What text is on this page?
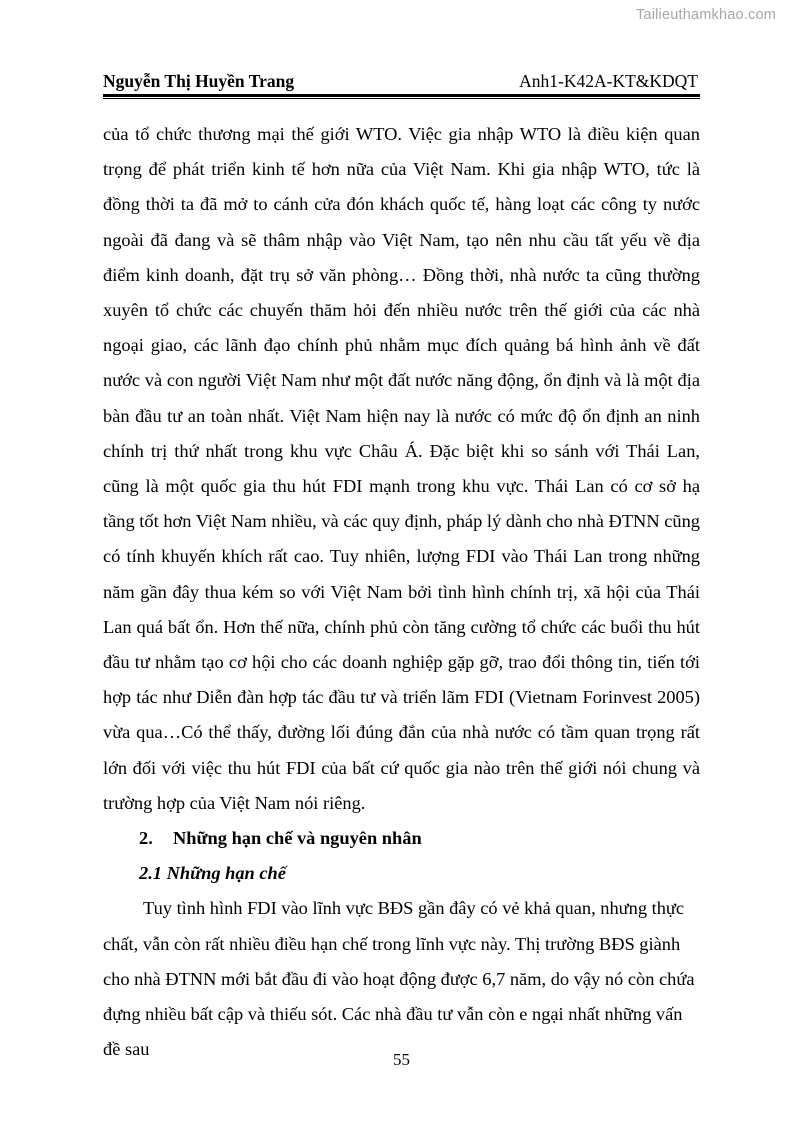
Tailieuthamkhao.com
Nguyễn Thị Huyền Trang	Anh1-K42A-KT&KDQT

của tổ chức thương mại thế giới WTO. Việc gia nhập WTO là điều kiện quan trọng để phát triển kinh tế hơn nữa của Việt Nam. Khi gia nhập WTO, tức là đồng thời ta đã mở to cánh cửa đón khách quốc tế, hàng loạt các công ty nước ngoài đã đang và sẽ thâm nhập vào Việt Nam, tạo nên nhu cầu tất yếu về địa điểm kinh doanh, đặt trụ sở văn phòng… Đồng thời, nhà nước ta cũng thường xuyên tổ chức các chuyến thăm hỏi đến nhiều nước trên thế giới của các nhà ngoại giao, các lãnh đạo chính phủ nhằm mục đích quảng bá hình ảnh về đất nước và con người Việt Nam như một đất nước năng động, ổn định và là một địa bàn đầu tư an toàn nhất. Việt Nam hiện nay là nước có mức độ ổn định an ninh chính trị thứ nhất trong khu vực Châu Á. Đặc biệt khi so sánh với Thái Lan, cũng là một quốc gia thu hút FDI mạnh trong khu vực. Thái Lan có cơ sở hạ tầng tốt hơn Việt Nam nhiều, và các quy định, pháp lý dành cho nhà ĐTNN cũng có tính khuyến khích rất cao. Tuy nhiên, lượng FDI vào Thái Lan trong những năm gần đây thua kém so với Việt Nam bởi tình hình chính trị, xã hội của Thái Lan quá bất ổn. Hơn thế nữa, chính phủ còn tăng cường tổ chức các buổi thu hút đầu tư nhằm tạo cơ hội cho các doanh nghiệp gặp gỡ, trao đổi thông tin, tiến tới hợp tác như Diễn đàn hợp tác đầu tư và triển lãm FDI (Vietnam Forinvest 2005) vừa qua…Có thể thấy, đường lối đúng đắn của nhà nước có tầm quan trọng rất lớn đối với việc thu hút FDI của bất cứ quốc gia nào trên thế giới nói chung và trường hợp của Việt Nam nói riêng.

2. Những hạn chế và nguyên nhân
2.1 Những hạn chế

Tuy tình hình FDI vào lĩnh vực BĐS gần đây có vẻ khả quan, nhưng thực chất, vẫn còn rất nhiều điều hạn chế trong lĩnh vực này. Thị trường BĐS giành cho nhà ĐTNN mới bắt đầu đi vào hoạt động được 6,7 năm, do vậy nó còn chứa đựng nhiều bất cập và thiếu sót. Các nhà đầu tư vẫn còn e ngại nhất những vấn đề sau

55
